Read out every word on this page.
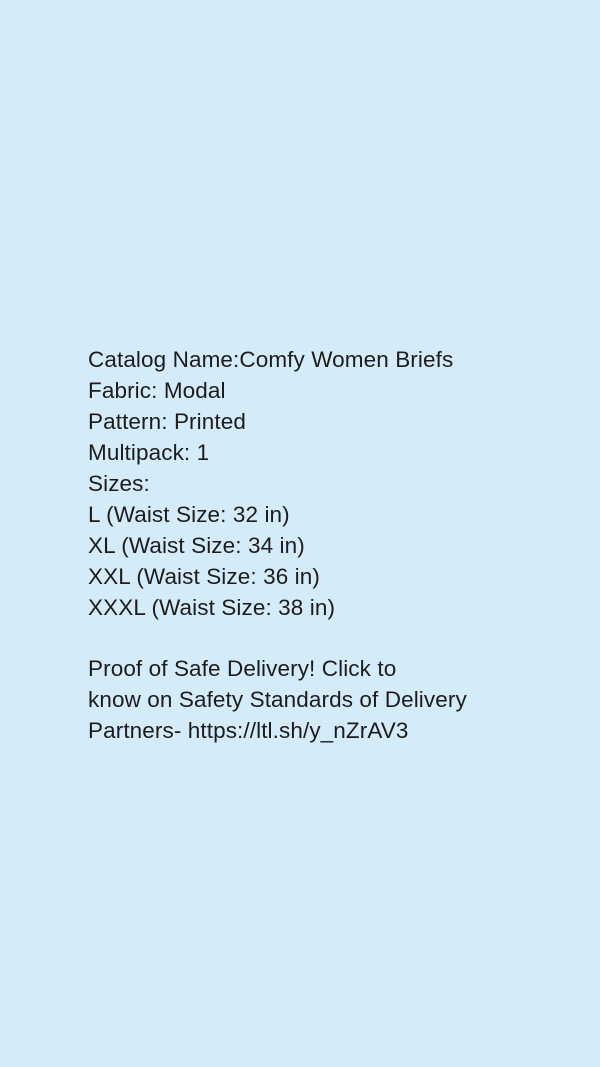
Catalog Name:Comfy Women Briefs
Fabric: Modal
Pattern: Printed
Multipack: 1
Sizes:
L (Waist Size: 32 in)
XL (Waist Size: 34 in)
XXL (Waist Size: 36 in)
XXXL (Waist Size: 38 in)
Proof of Safe Delivery! Click to
know on Safety Standards of Delivery
Partners- https://ltl.sh/y_nZrAV3
